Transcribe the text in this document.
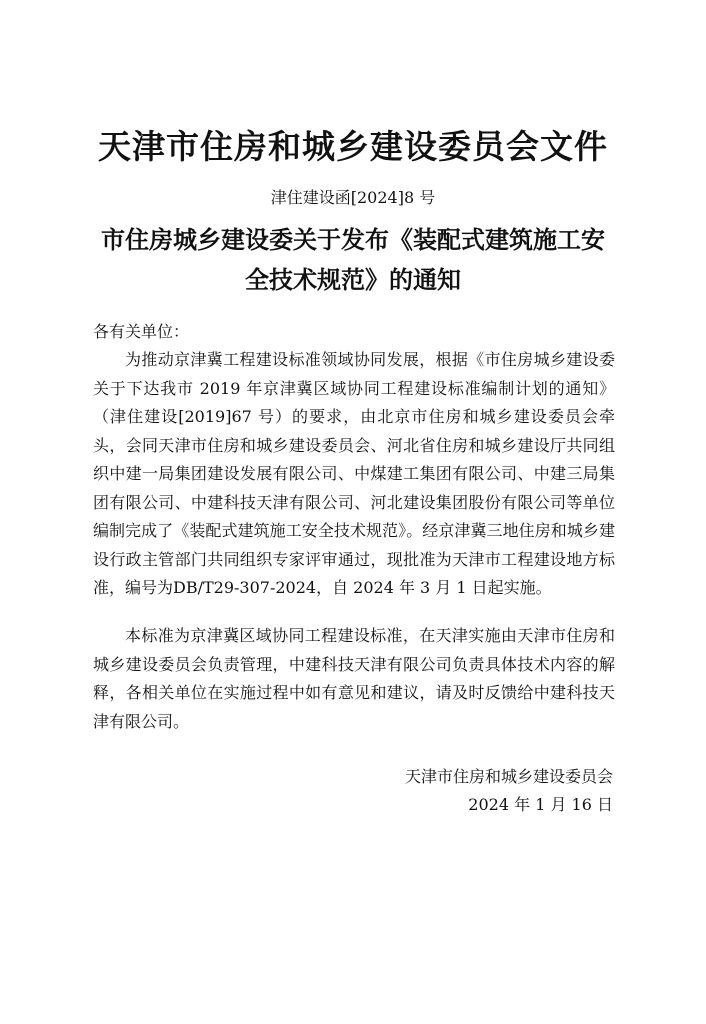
天津市住房和城乡建设委员会文件
津住建设函[2024]8 号
市住房城乡建设委关于发布《装配式建筑施工安
全技术规范》的通知
各有关单位：
为推动京津冀工程建设标准领域协同发展，根据《市住房城乡建设委关于下达我市 2019 年京津冀区域协同工程建设标准编制计划的通知》（津住建设[2019]67 号）的要求，由北京市住房和城乡建设委员会牵头，会同天津市住房和城乡建设委员会、河北省住房和城乡建设厅共同组织中建一局集团建设发展有限公司、中煤建工集团有限公司、中建三局集团有限公司、中建科技天津有限公司、河北建设集团股份有限公司等单位编制完成了《装配式建筑施工安全技术规范》。经京津冀三地住房和城乡建设行政主管部门共同组织专家评审通过，现批准为天津市工程建设地方标准，编号为DB/T29-307-2024，自 2024 年 3 月 1 日起实施。
本标准为京津冀区域协同工程建设标准，在天津实施由天津市住房和城乡建设委员会负责管理，中建科技天津有限公司负责具体技术内容的解释，各相关单位在实施过程中如有意见和建议，请及时反馈给中建科技天津有限公司。
天津市住房和城乡建设委员会
2024 年 1 月 16 日
